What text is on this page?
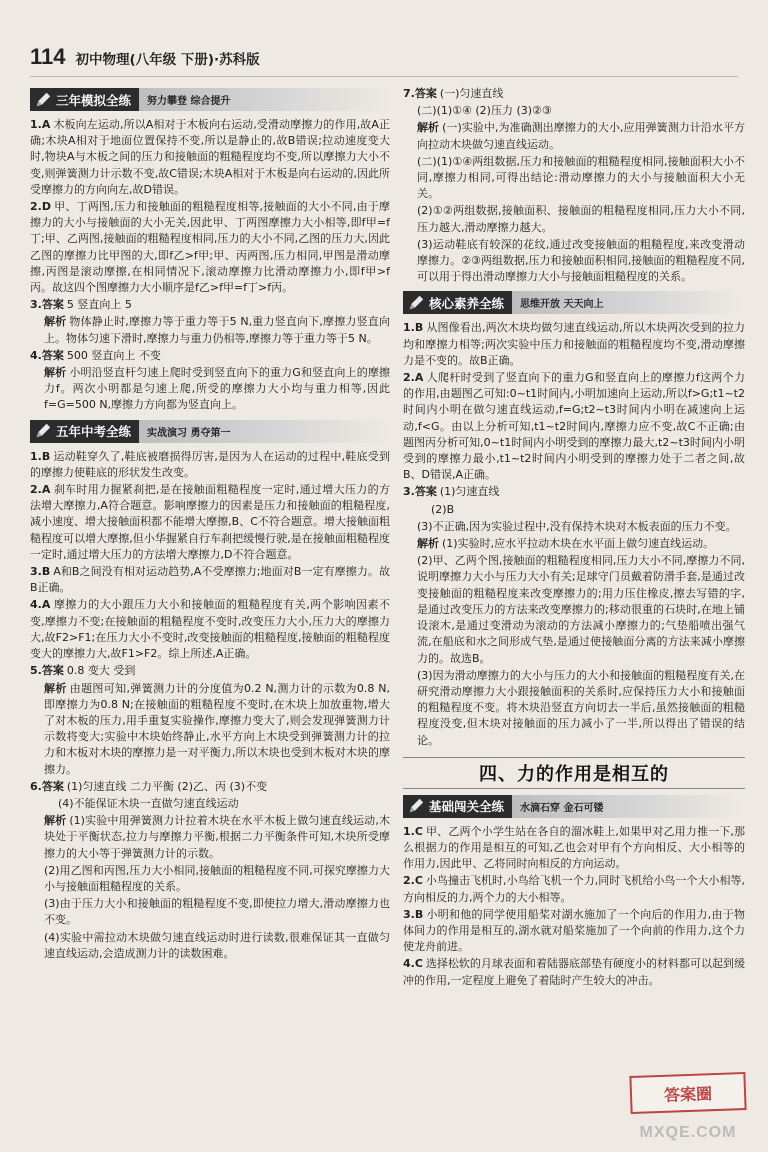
114 初中物理(八年级 下册)·苏科版
三年模拟全练	努力攀登 综合提升

1.A 木板向左运动,所以A相对于木板向右运动,受滑动摩擦力的作用,故A正确;木块A相对于地面位置保持不变,所以是静止的,故B错误;拉动速度变大时,物块A与木板之间的压力和接触面的粗糙程度均不变,所以摩擦力大小不变,则弹簧测力计示数不变,故C错误;木块A相对于木板是向右运动的,因此所受摩擦力的方向向左,故D错误。

2.D 甲、丁两图,压力和接触面的粗糙程度相等,接触面的大小不同,由于摩擦力的大小与接触面的大小无关,因此甲、丁两图摩擦力大小相等,即f甲=f丁;甲、乙两图,接触面的粗糙程度相同,压力的大小不同,乙图的压力大,因此乙图的摩擦力比甲图的大,即f乙>f甲;甲、丙两图,压力相同,甲图是滑动摩擦,丙图是滚动摩擦,在相同情况下,滚动摩擦力比滑动摩擦力小,即f甲>f丙。故这四个图摩擦力大小顺序是f乙>f甲=f丁>f丙。

3.答案 5 竖直向上 5

解析 物体静止时,摩擦力等于重力等于5 N,重力竖直向下,摩擦力竖直向上。物体匀速下滑时,摩擦力与重力仍相等,摩擦力等于重力等于5 N。

4.答案 500 竖直向上 不变

解析 小明沿竖直杆匀速上爬时受到竖直向下的重力G和竖直向上的摩擦力f。两次小明都是匀速上爬,所受的摩擦力大小均与重力相等,因此f=G=500 N,摩擦力方向都为竖直向上。

五年中考全练	实战演习 勇夺第一

1.B 运动鞋穿久了,鞋底被磨损得厉害,是因为人在运动的过程中,鞋底受到的摩擦力使鞋底的形状发生改变。

2.A 刹车时用力握紧刹把,是在接触面粗糙程度一定时,通过增大压力的方法增大摩擦力,A符合题意。影响摩擦力的因素是压力和接触面的粗糙程度,减小速度、增大接触面积都不能增大摩擦,B、C不符合题意。增大接触面粗糙程度可以增大摩擦,但小华握紧自行车刹把缓慢行驶,是在接触面粗糙程度一定时,通过增大压力的方法增大摩擦力,D不符合题意。

3.B A和B之间没有相对运动趋势,A不受摩擦力;地面对B一定有摩擦力。故B正确。

4.A 摩擦力的大小跟压力大小和接触面的粗糙程度有关,两个影响因素不变,摩擦力不变;在接触面的粗糙程度不变时,改变压力大小,压力大的摩擦力大,故F2>F1;在压力大小不变时,改变接触面的粗糙程度,接触面的粗糙程度变大的摩擦力大,故F1>F2。综上所述,A正确。

5.答案 0.8 变大 受到

解析 由题图可知,弹簧测力计的分度值为0.2 N,测力计的示数为0.8 N,即摩擦力为0.8 N;在接触面的粗糙程度不变时,在木块上加放重物,增大了对木板的压力,用手重复实验操作,摩擦力变大了,则会发现弹簧测力计示数将变大;实验中木块始终静止,水平方向上木块受到弹簧测力计的拉力和木板对木块的摩擦力是一对平衡力,所以木块也受到木板对木块的摩擦力。

6.答案 (1)匀速直线 二力平衡 (2)乙、丙 (3)不变

(4)不能保证木块一直做匀速直线运动

解析 (1)实验中用弹簧测力计拉着木块在水平木板上做匀速直线运动,木块处于平衡状态,拉力与摩擦力平衡,根据二力平衡条件可知,木块所受摩擦力的大小等于弹簧测力计的示数。

(2)用乙图和丙图,压力大小相同,接触面的粗糙程度不同,可探究摩擦力大小与接触面粗糙程度的关系。

(3)由于压力大小和接触面的粗糙程度不变,即使拉力增大,滑动摩擦力也不变。

(4)实验中需拉动木块做匀速直线运动时进行读数,很难保证其一直做匀速直线运动,会造成测力计的读数困难。

7.答案 (一)匀速直线

(二)(1)①④ (2)压力 (3)②③

解析 (一)实验中,为准确测出摩擦力的大小,应用弹簧测力计沿水平方向拉动木块做匀速直线运动。

(二)(1)①④两组数据,压力和接触面的粗糙程度相同,接触面积大小不同,摩擦力相同,可得出结论:滑动摩擦力的大小与接触面积大小无关。

(2)①②两组数据,接触面积、接触面的粗糙程度相同,压力大小不同,压力越大,滑动摩擦力越大。

(3)运动鞋底有较深的花纹,通过改变接触面的粗糙程度,来改变滑动摩擦力。②③两组数据,压力和接触面积相同,接触面的粗糙程度不同,可以用于得出滑动摩擦力大小与接触面粗糙程度的关系。

核心素养全练	思维开放 天天向上

1.B 从图像看出,两次木块均做匀速直线运动,所以木块两次受到的拉力均和摩擦力相等;两次实验中压力和接触面的粗糙程度均不变,滑动摩擦力是不变的。故B正确。

2.A 人爬杆时受到了竖直向下的重力G和竖直向上的摩擦力f这两个力的作用,由题图乙可知:0~t1时间内,小明加速向上运动,所以f>G;t1~t2时间内小明在做匀速直线运动,f=G;t2~t3时间内小明在减速向上运动,f<G。由以上分析可知,t1~t2时间内,摩擦力应不变,故C不正确;由题图丙分析可知,0~t1时间内小明受到的摩擦力最大,t2~t3时间内小明受到的摩擦力最小,t1~t2时间内小明受到的摩擦力处于二者之间,故B、D错误,A正确。

3.答案 (1)匀速直线

(2)B

(3)不正确,因为实验过程中,没有保持木块对木板表面的压力不变。

解析 (1)实验时,应水平拉动木块在水平面上做匀速直线运动。

(2)甲、乙两个图,接触面的粗糙程度相同,压力大小不同,摩擦力不同,说明摩擦力大小与压力大小有关;足球守门员戴着防滑手套,是通过改变接触面的粗糙程度来改变摩擦力的;用力压住橡皮,擦去写错的字,是通过改变压力的方法来改变摩擦力的;移动很重的石块时,在地上铺设滚木,是通过变滑动为滚动的方法减小摩擦力的;气垫船喷出强气流,在船底和水之间形成气垫,是通过使接触面分离的方法来减小摩擦力的。故选B。

(3)因为滑动摩擦力的大小与压力的大小和接触面的粗糙程度有关,在研究滑动摩擦力大小跟接触面积的关系时,应保持压力大小和接触面的粗糙程度不变。将木块沿竖直方向切去一半后,虽然接触面的粗糙程度没变,但木块对接触面的压力减小了一半,所以得出了错误的结论。

四、力的作用是相互的
基础闯关全练	水滴石穿 金石可镂

1.C 甲、乙两个小学生站在各自的溜冰鞋上,如果甲对乙用力推一下,那么根据力的作用是相互的可知,乙也会对甲有个方向相反、大小相等的作用力,因此甲、乙将同时向相反的方向运动。

2.C 小鸟撞击飞机时,小鸟给飞机一个力,同时飞机给小鸟一个大小相等,方向相反的力,两个力的大小相等。

3.B 小明和他的同学使用船桨对湖水施加了一个向后的作用力,由于物体间力的作用是相互的,湖水就对船桨施加了一个向前的作用力,这个力使龙舟前进。

4.C 选择松软的月球表面和着陆器底部垫有硬度小的材料都可以起到缓冲的作用,一定程度上避免了着陆时产生较大的冲击。

答案圈
MXQE.COM
